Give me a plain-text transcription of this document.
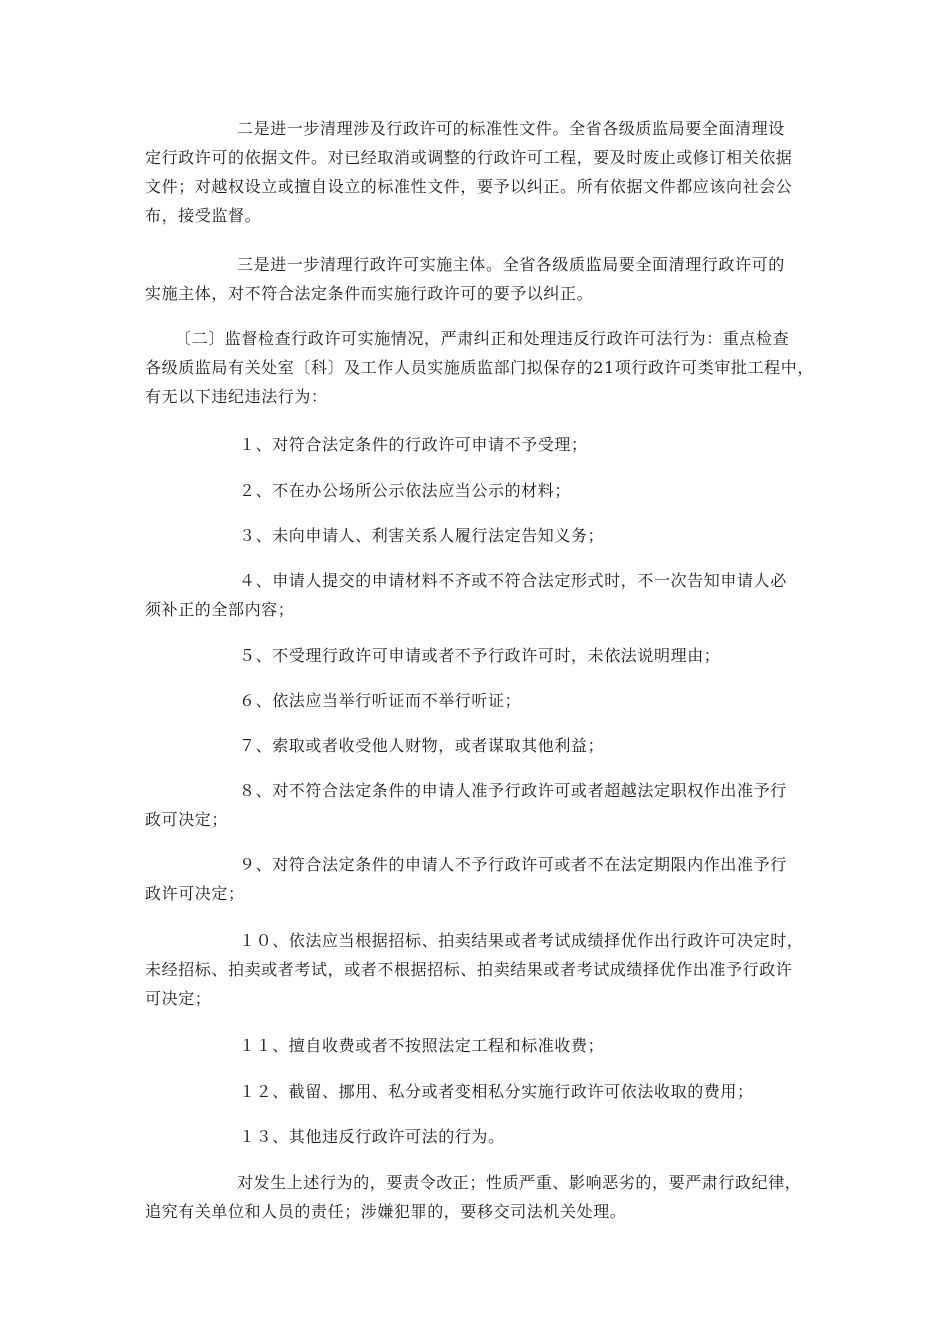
二是进一步清理涉及行政许可的标准性文件。全省各级质监局要全面清理设
定行政许可的依据文件。对已经取消或调整的行政许可工程，要及时废止或修订相关依据
文件；对越权设立或擅自设立的标准性文件，要予以纠正。所有依据文件都应该向社会公
布，接受监督。
三是进一步清理行政许可实施主体。全省各级质监局要全面清理行政许可的
实施主体，对不符合法定条件而实施行政许可的要予以纠正。
〔二〕监督检查行政许可实施情况，严肃纠正和处理违反行政许可法行为：重点检查
各级质监局有关处室〔科〕及工作人员实施质监部门拟保存的21项行政许可类审批工程中，
有无以下违纪违法行为：
１、对符合法定条件的行政许可申请不予受理；
２、不在办公场所公示依法应当公示的材料；
３、未向申请人、利害关系人履行法定告知义务；
４、申请人提交的申请材料不齐或不符合法定形式时，不一次告知申请人必
须补正的全部内容；
５、不受理行政许可申请或者不予行政许可时，未依法说明理由；
６、依法应当举行听证而不举行听证；
７、索取或者收受他人财物，或者谋取其他利益；
８、对不符合法定条件的申请人准予行政许可或者超越法定职权作出准予行
政可决定；
９、对符合法定条件的申请人不予行政许可或者不在法定期限内作出准予行
政许可决定；
１０、依法应当根据招标、拍卖结果或者考试成绩择优作出行政许可决定时，
未经招标、拍卖或者考试，或者不根据招标、拍卖结果或者考试成绩择优作出准予行政许
可决定；
１１、擅自收费或者不按照法定工程和标准收费；
１２、截留、挪用、私分或者变相私分实施行政许可依法收取的费用；
１３、其他违反行政许可法的行为。
对发生上述行为的，要责令改正；性质严重、影响恶劣的，要严肃行政纪律，
追究有关单位和人员的责任；涉嫌犯罪的，要移交司法机关处理。
